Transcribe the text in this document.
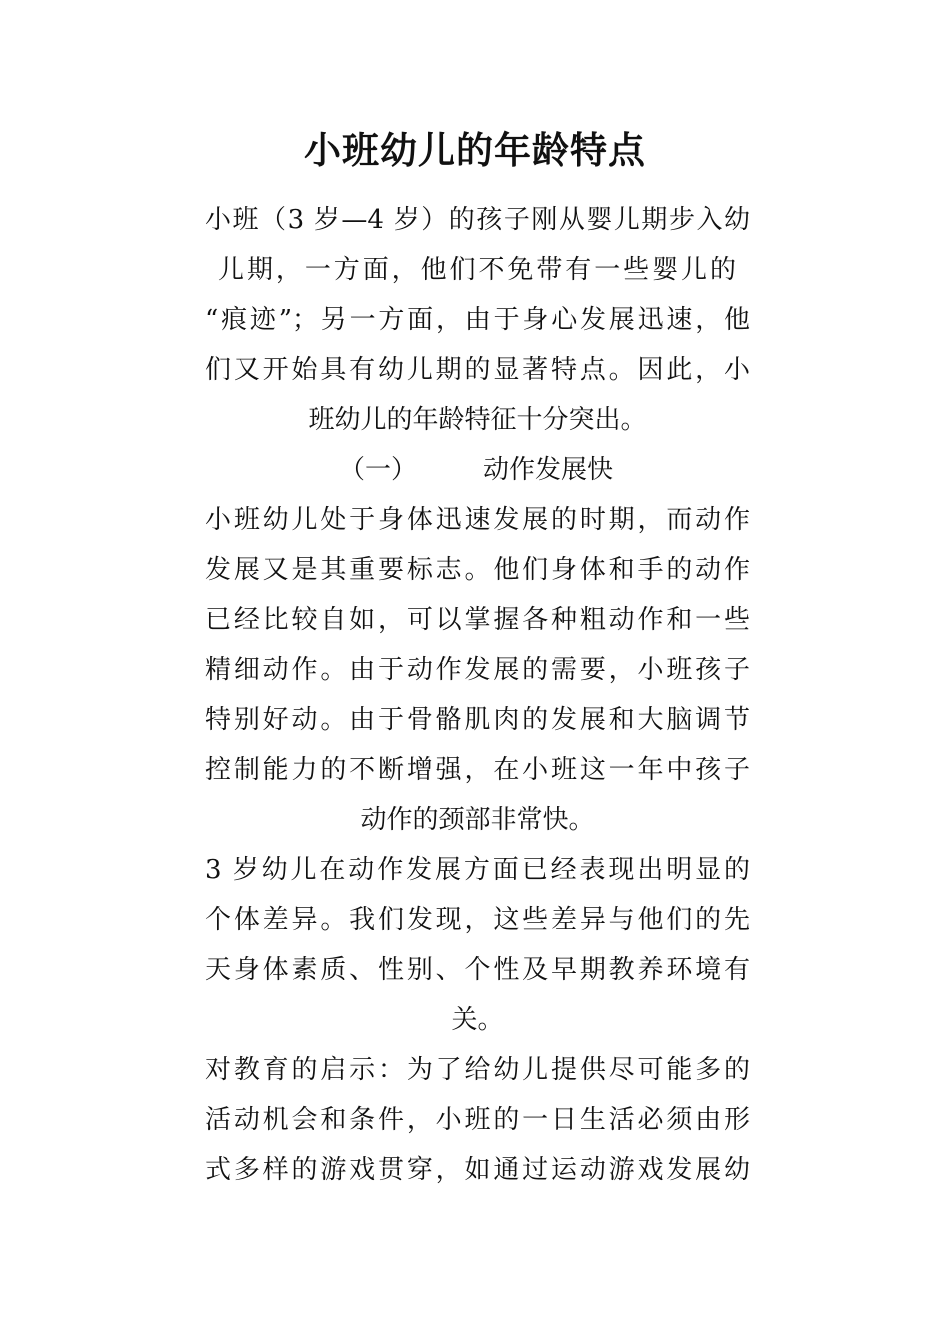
小班幼儿的年龄特点
小班（3 岁—4 岁）的孩子刚从婴儿期步入幼
儿期，一方面，他们不免带有一些婴儿的
“痕迹”；另一方面，由于身心发展迅速，他
们又开始具有幼儿期的显著特点。因此，小
班幼儿的年龄特征十分突出。
（一）	动作发展快
小班幼儿处于身体迅速发展的时期，而动作
发展又是其重要标志。他们身体和手的动作
已经比较自如，可以掌握各种粗动作和一些
精细动作。由于动作发展的需要，小班孩子
特别好动。由于骨骼肌肉的发展和大脑调节
控制能力的不断增强，在小班这一年中孩子
动作的颈部非常快。
3 岁幼儿在动作发展方面已经表现出明显的
个体差异。我们发现，这些差异与他们的先
天身体素质、性别、个性及早期教养环境有
关。
对教育的启示：为了给幼儿提供尽可能多的
活动机会和条件，小班的一日生活必须由形
式多样的游戏贯穿，如通过运动游戏发展幼
